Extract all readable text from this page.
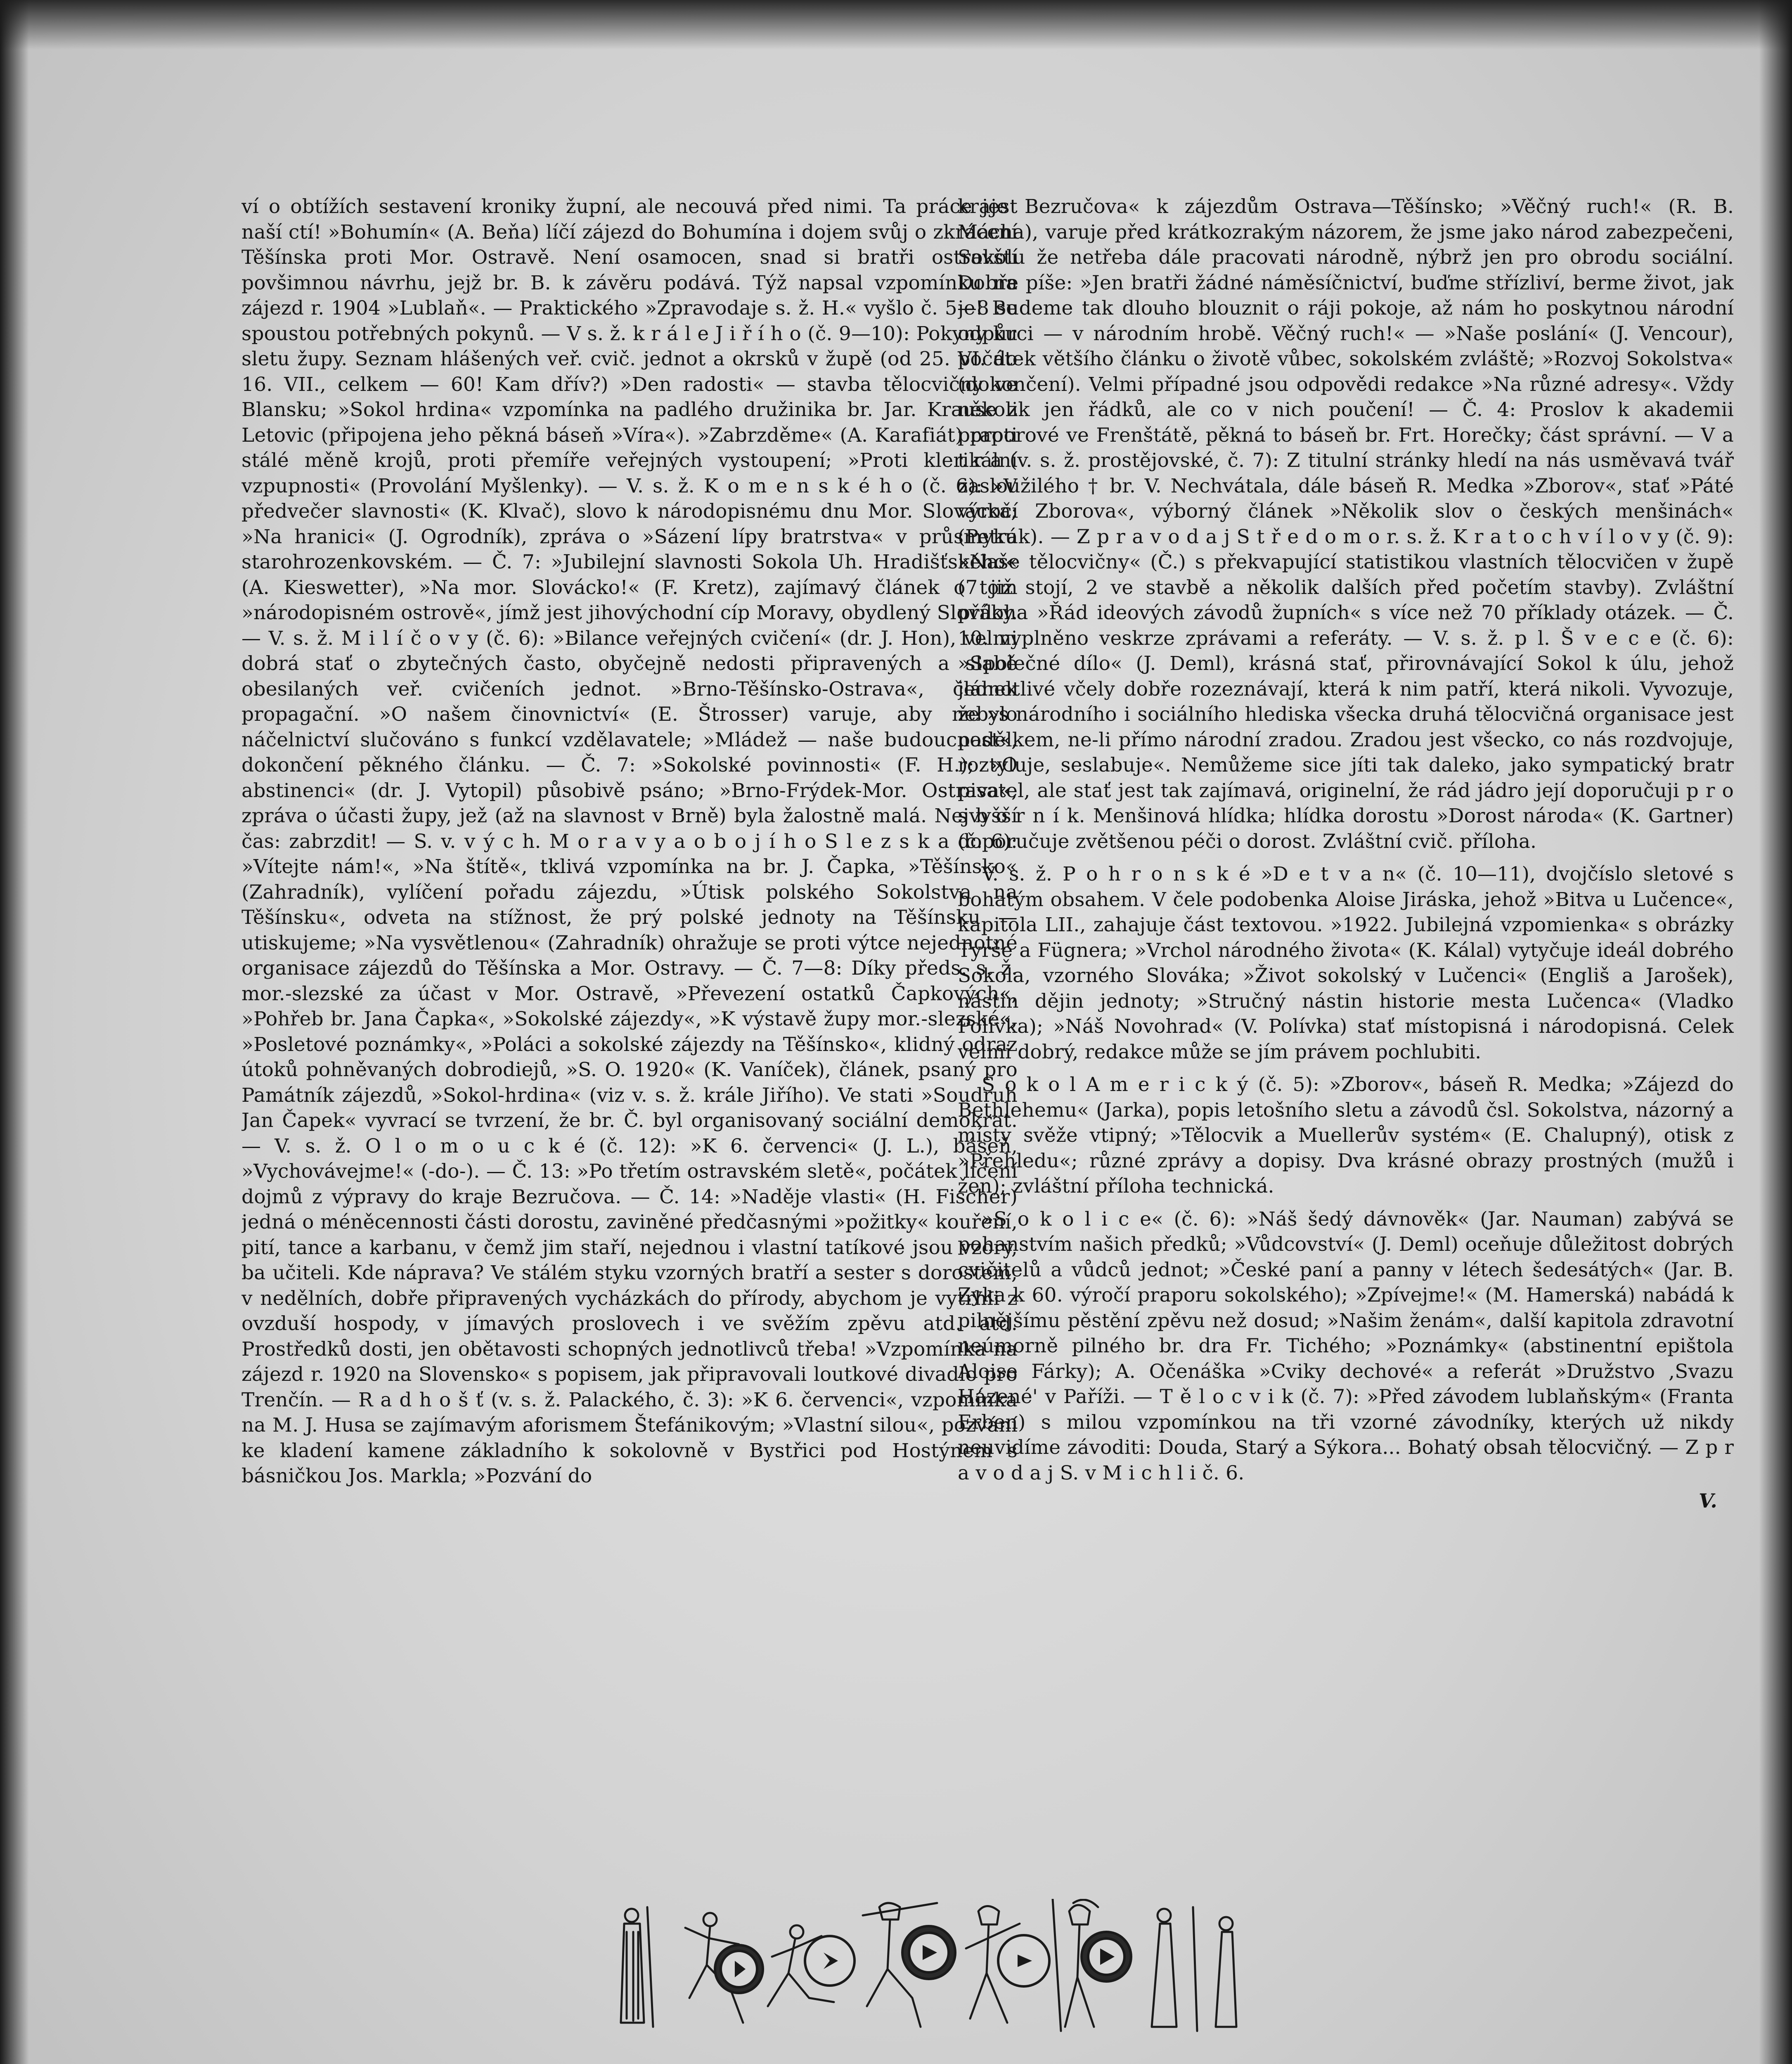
ví o obtížích sestavení kroniky župní, ale necouvá před nimi. Ta práce jest naší ctí! »Bohumín« (A. Beňa) líčí zájezd do Bohumína i dojem svůj o zkrácení Těšínska proti Mor. Ostravě. Není osamocen, snad si bratři ostravští povšimnou návrhu, jejž br. B. k závěru podává. Týž napsal vzpomínku na zájezd r. 1904 »Lublaň«. — Praktického »Zpravodaje s. ž. H.« vyšlo č. 5—8 se spoustou potřebných pokynů. — V s. ž. k r á l e J i ř í h o (č. 9—10): Pokyny ku sletu župy. Seznam hlášených veř. cvič. jednot a okrsků v župě (od 25. VI. do 16. VII., celkem — 60! Kam dřív?) »Den radosti« — stavba tělocvičny ve Blansku; »Sokol hrdina« vzpomínka na padlého družinika br. Jar. Krause z Letovic (připojena jeho pěkná báseň »Víra«). »Zabrzděme« (A. Karafiát) proti stálé měně krojů, proti přemíře veřejných vystoupení; »Proti klerikální vzpupnosti« (Provolání Myšlenky). — V. s. ž. K o m e n s k é h o (č. 6): »V předvečer slavnosti« (K. Klvač), slovo k národopisnému dnu Mor. Slovácka; »Na hranici« (J. Ogrodník), zpráva o »Sázení lípy bratrstva« v průsmyku starohrozenkovském. — Č. 7: »Jubilejní slavnosti Sokola Uh. Hradišťského« (A. Kieswetter), »Na mor. Slovácko!« (F. Kretz), zajímavý článek o tom »národopisném ostrově«, jímž jest jihovýchodní cíp Moravy, obydlený Slováky. — V. s. ž. M i l í č o v y (č. 6): »Bilance veřejných cvičení« (dr. J. Hon), velmi dobrá stať o zbytečných často, obyčejně nedosti připravených a slabě obesilaných veř. cvičeních jednot. »Brno-Těšínsko-Ostrava«, článek propagační. »O našem činovnictví« (E. Štrosser) varuje, aby nebylo náčelnictví slučováno s funkcí vzdělavatele; »Mládež — naše budoucnost«, dokončení pěkného článku. — Č. 7: »Sokolské povinnosti« (F. H.); »O abstinenci« (dr. J. Vytopil) působivě psáno; »Brno-Frýdek-Mor. Ostrava«, zpráva o účasti župy, jež (až na slavnost v Brně) byla žalostně malá. Nejvyšší čas: zabrzdit! — S. v. v ý c h. M o r a v y a o b o j í h o S l e z s k a (č. 6): »Vítejte nám!«, »Na štítě«, tklivá vzpomínka na br. J. Čapka, »Těšínsko« (Zahradník), vylíčení pořadu zájezdu, »Útisk polského Sokolstva na Těšínsku«, odveta na stížnost, že prý polské jednoty na Těšínsku — utiskujeme; »Na vysvětlenou« (Zahradník) ohražuje se proti výtce nejednotné organisace zájezdů do Těšínska a Mor. Ostravy. — Č. 7—8: Díky předs. s. ž. mor.-slezské za účast v Mor. Ostravě, »Převezení ostatků Čapkových«, »Pohřeb br. Jana Čapka«, »Sokolské zájezdy«, »K výstavě župy mor.-slezské«, »Posletové poznámky«, »Poláci a sokolské zájezdy na Těšínsko«, klidný odraz útoků pohněvaných dobrodiejů, »S. O. 1920« (K. Vaníček), článek, psaný pro Památník zájezdů, »Sokol-hrdina« (viz v. s. ž. krále Jiřího). Ve stati »Soudruh Jan Čapek« vyvrací se tvrzení, že br. Č. byl organisovaný sociální demokrat. — V. s. ž. O l o m o u c k é (č. 12): »K 6. červenci« (J. L.), báseň, »Vychovávejme!« (-do-). — Č. 13: »Po třetím ostravském sletě«, počátek líčení dojmů z výpravy do kraje Bezručova. — Č. 14: »Naděje vlasti« (H. Fischer) jedná o méněcennosti části dorostu, zaviněné předčasnými »požitky« kouření, pití, tance a karbanu, v čemž jim staří, nejednou i vlastní tatíkové jsou vzory, ba učiteli. Kde náprava? Ve stálém styku vzorných bratří a sester s dorostem, v nedělních, dobře připravených vycházkách do přírody, abychom je vytrhli z ovzduší hospody, v jímavých proslovech i ve svěžím zpěvu atd. atd. Prostředků dosti, jen obětavosti schopných jednotlivců třeba! »Vzpomínka na zájezd r. 1920 na Slovensko« s popisem, jak připravovali loutkové divadlo pro Trenčín. — R a d h o š ť (v. s. ž. Palackého, č. 3): »K 6. červenci«, vzpomínka na M. J. Husa se zajímavým aforismem Štefánikovým; »Vlastní silou«, pozvání ke kladení kamene základního k sokolovně v Bystřici pod Hostýnem s básničkou Jos. Markla; »Pozvání do

kraje Bezručova« k zájezdům Ostrava—Těšínsko; »Věčný ruch!« (R. B. Mácha), varuje před krátkozrakým názorem, že jsme jako národ zabezpečeni, Sokolu že netřeba dále pracovati národně, nýbrž jen pro obrodu sociální. Dobře píše: »Jen bratři žádné náměsíčnictví, buďme střízliví, berme život, jak je! Budeme tak dlouho blouznit o ráji pokoje, až nám ho poskytnou národní odpůrci — v národním hrobě. Věčný ruch!« — »Naše poslání« (J. Vencour), počátek většího článku o životě vůbec, sokolském zvláště; »Rozvoj Sokolstva« (dokončení). Velmi případné jsou odpovědi redakce »Na různé adresy«. Vždy několik jen řádků, ale co v nich poučení! — Č. 4: Proslov k akademii praporové ve Frenštátě, pěkná to báseň br. Frt. Horečky; část správní. — V a t r a (v. s. ž. prostějovské, č. 7): Z titulní stránky hledí na nás usměvavá tvář zasloužilého † br. V. Nechvátala, dále báseň R. Medka »Zborov«, stať »Páté výročí Zborova«, výborný článek »Několik slov o českých menšinách« (Petrák). — Z p r a v o d a j S t ř e d o m o r. s. ž. K r a t o c h v í l o v y (č. 9): »Naše tělocvičny« (Č.) s překvapující statistikou vlastních tělocvičen v župě (7 již stojí, 2 ve stavbě a několik dalších před početím stavby). Zvláštní příloha »Řád ideových závodů župních« s více než 70 příklady otázek. — Č. 10. vyplněno veskrze zprávami a referáty. — V. s. ž. p l. Š v e c e (č. 6): »Společné dílo« (J. Deml), krásná stať, přirovnávající Sokol k úlu, jehož jednotlivé včely dobře rozeznávají, která k nim patří, která nikoli. Vyvozuje, že »s národního i sociálního hlediska všecka druhá tělocvičná organisace jest padělkem, ne-li přímo národní zradou. Zradou jest všecko, co nás rozdvojuje, roztyluje, seslabuje«. Nemůžeme sice jíti tak daleko, jako sympatický bratr pisatel, ale stať jest tak zajímavá, originelní, že rád jádro její doporučuji p r o s b o r n í k. Menšinová hlídka; hlídka dorostu »Dorost národa« (K. Gartner) doporučuje zvětšenou péči o dorost. Zvláštní cvič. příloha.

V. s. ž. P o h r o n s k é »D e t v a n« (č. 10—11), dvojčíslo sletové s bohatým obsahem. V čele podobenka Aloise Jiráska, jehož »Bitva u Lučence«, kapitola LII., zahajuje část textovou. »1922. Jubilejná vzpomienka« s obrázky Tyrše a Fügnera; »Vrchol národného života« (K. Kálal) vytyčuje ideál dobrého Sokola, vzorného Slováka; »Život sokolský v Lučenci« (Engliš a Jarošek), nástin dějin jednoty; »Stručný nástin historie mesta Lučenca« (Vladko Polívka); »Náš Novohrad« (V. Polívka) stať místopisná i národopisná. Celek velmi dobrý, redakce může se jím právem pochlubiti.

S o k o l A m e r i c k ý (č. 5): »Zborov«, báseň R. Medka; »Zájezd do Bethlehemu« (Jarka), popis letošního sletu a závodů čsl. Sokolstva, názorný a místy svěže vtipný; »Tělocvik a Muellerův systém« (E. Chalupný), otisk z »Přehledu«; různé zprávy a dopisy. Dva krásné obrazy prostných (mužů i žen); zvláštní příloha technická.

»S o k o l i c e« (č. 6): »Náš šedý dávnověk« (Jar. Nauman) zabývá se pohanstvím našich předků; »Vůdcovství« (J. Deml) oceňuje důležitost dobrých cvičitelů a vůdců jednot; »České paní a panny v létech šedesátých« (Jar. B. Zyka k 60. výročí praporu sokolského); »Zpívejme!« (M. Hamerská) nabádá k pilnějšímu pěstění zpěvu než dosud; »Našim ženám«, další kapitola zdravotní neúmorně pilného br. dra Fr. Tichého; »Poznámky« (abstinentní epištola Aloise Fárky); A. Očenáška »Cviky dechové« a referát »Družstvo ,Svazu Házené' v Paříži. — T ě l o c v i k (č. 7): »Před závodem lublaňským« (Franta Erben) s milou vzpomínkou na tři vzorné závodníky, kterých už nikdy neuvidíme závoditi: Douda, Starý a Sýkora... Bohatý obsah tělocvičný. — Z p r a v o d a j S. v M i c h l i č. 6.

V.
